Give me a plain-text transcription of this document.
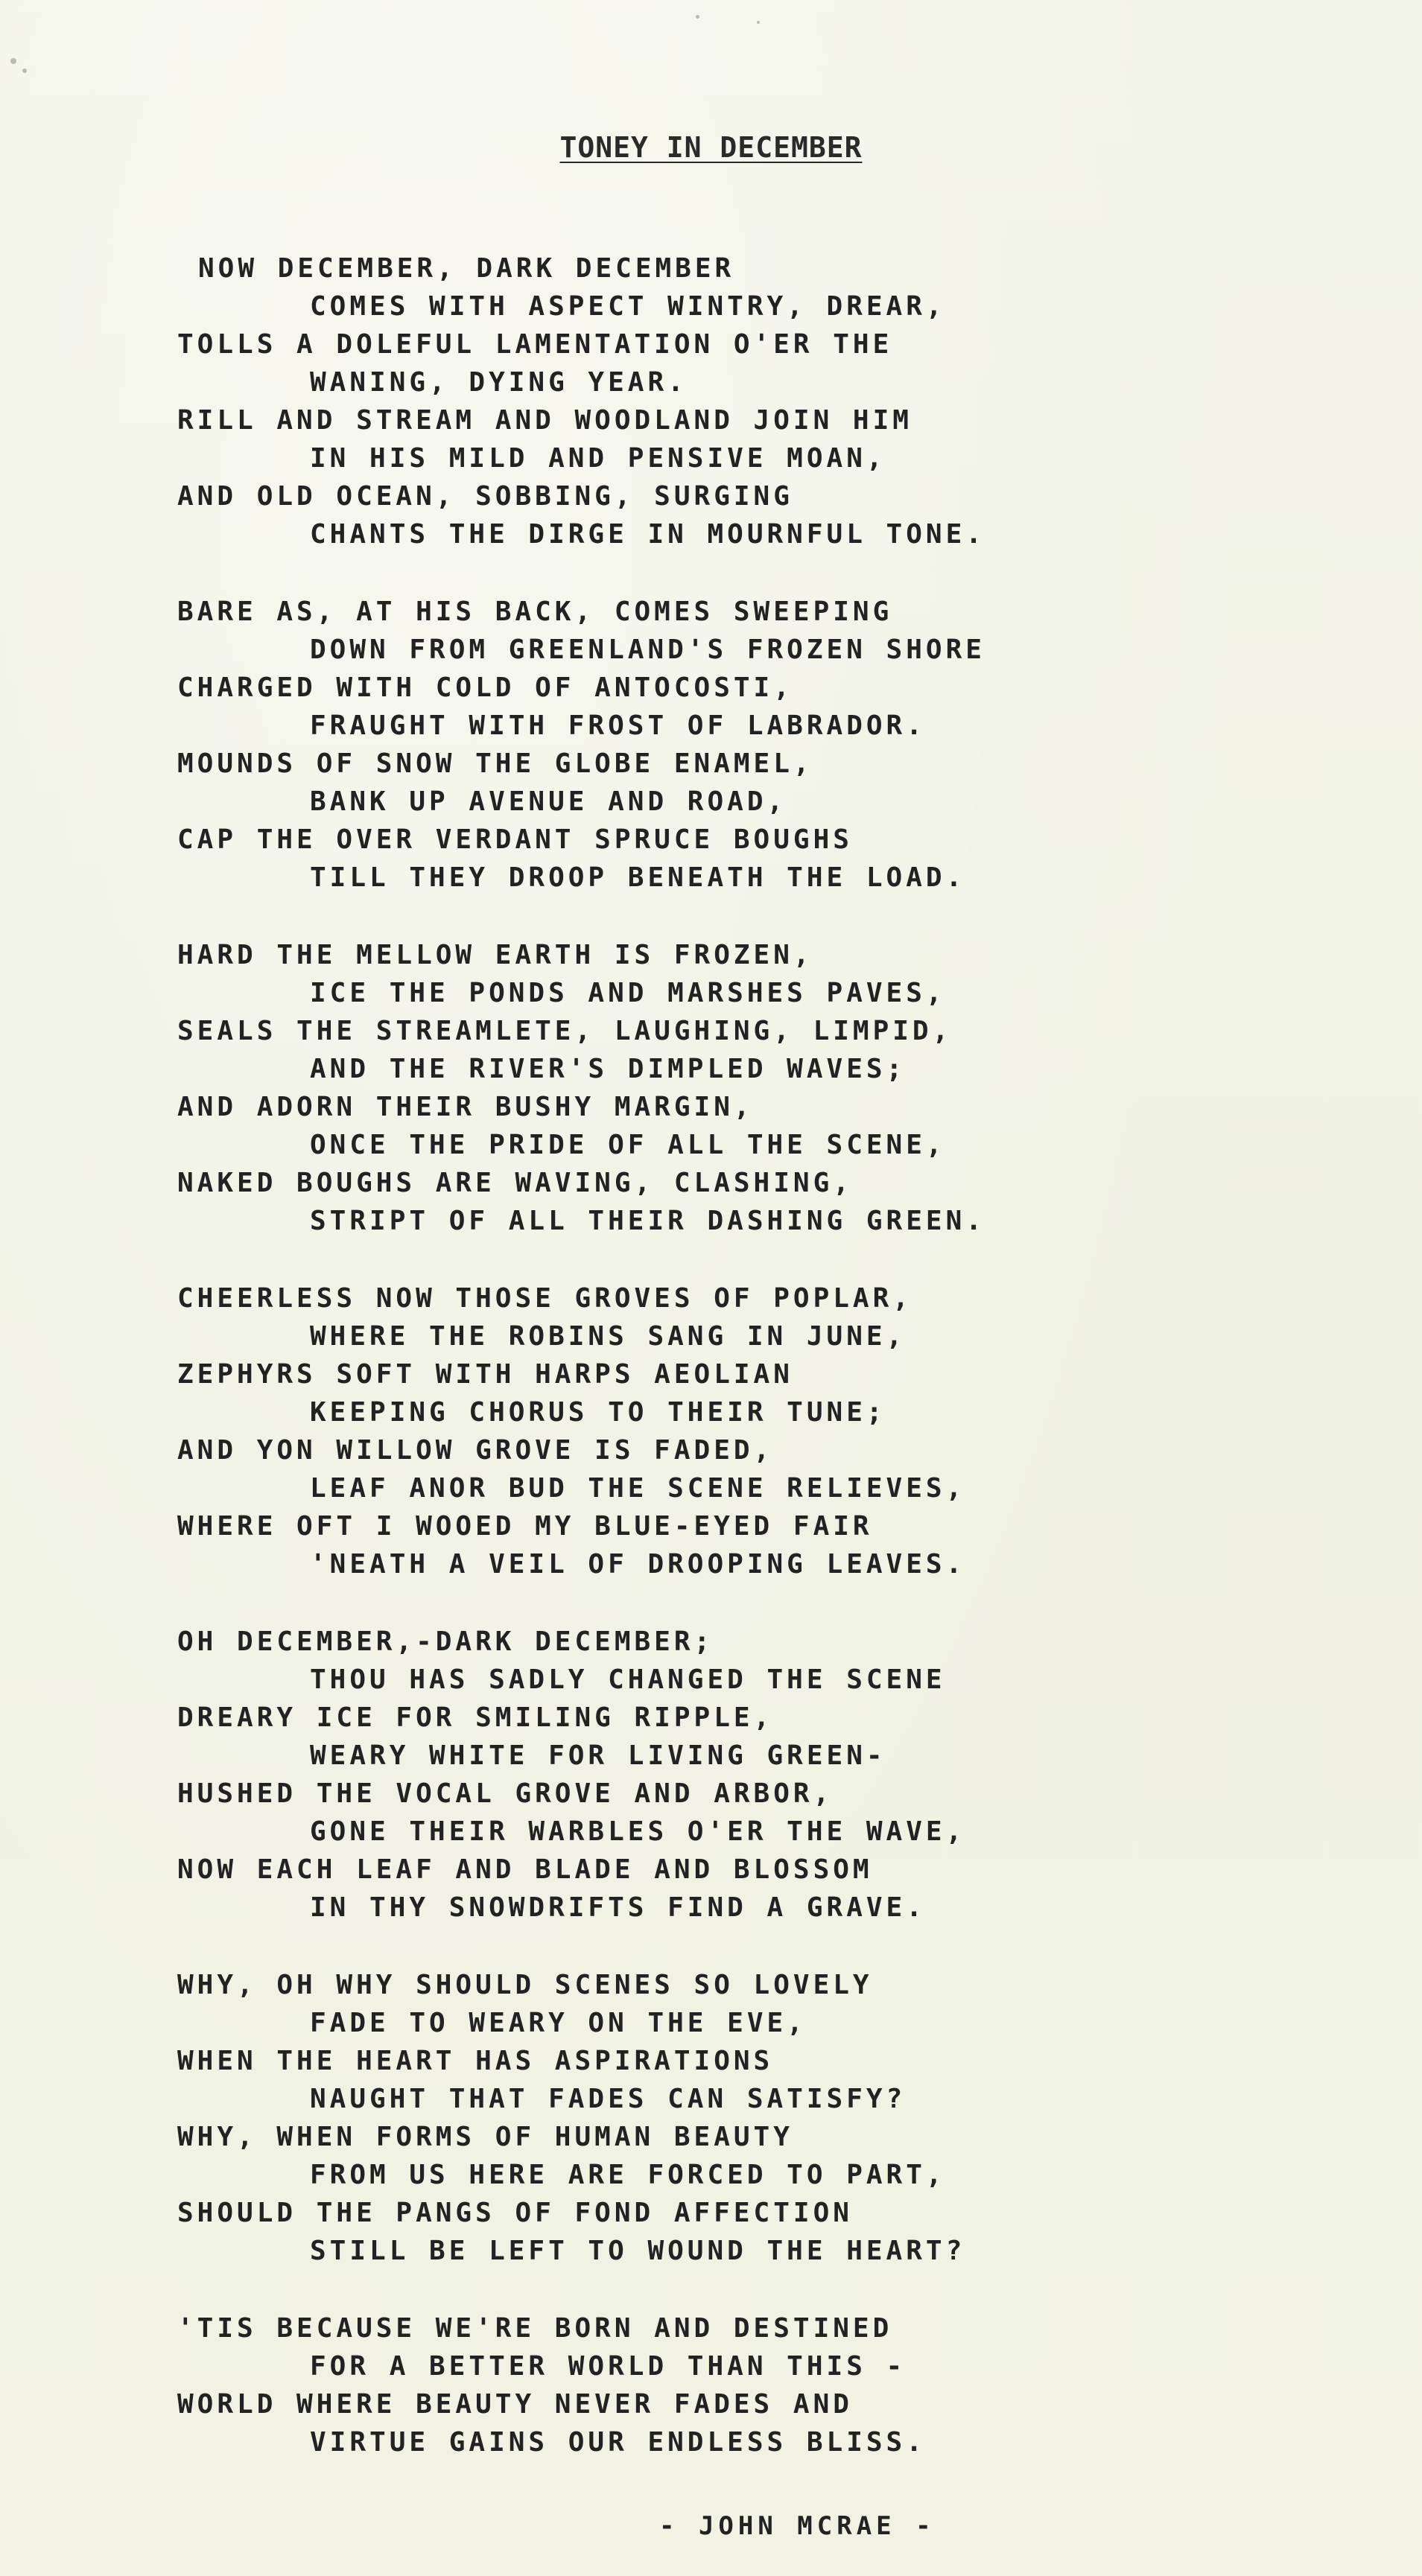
TONEY IN DECEMBER
NOW DECEMBER, DARK DECEMBER
COMES WITH ASPECT WINTRY, DREAR,
TOLLS A DOLEFUL LAMENTATION O'ER THE
WANING, DYING YEAR.
RILL AND STREAM AND WOODLAND JOIN HIM
IN HIS MILD AND PENSIVE MOAN,
AND OLD OCEAN, SOBBING, SURGING
CHANTS THE DIRGE IN MOURNFUL TONE.
BARE AS, AT HIS BACK, COMES SWEEPING
DOWN FROM GREENLAND'S FROZEN SHORE
CHARGED WITH COLD OF ANTOCOSTI,
FRAUGHT WITH FROST OF LABRADOR.
MOUNDS OF SNOW THE GLOBE ENAMEL,
BANK UP AVENUE AND ROAD,
CAP THE OVER VERDANT SPRUCE BOUGHS
TILL THEY DROOP BENEATH THE LOAD.
HARD THE MELLOW EARTH IS FROZEN,
ICE THE PONDS AND MARSHES PAVES,
SEALS THE STREAMLETE, LAUGHING, LIMPID,
AND THE RIVER'S DIMPLED WAVES;
AND ADORN THEIR BUSHY MARGIN,
ONCE THE PRIDE OF ALL THE SCENE,
NAKED BOUGHS ARE WAVING, CLASHING,
STRIPT OF ALL THEIR DASHING GREEN.
CHEERLESS NOW THOSE GROVES OF POPLAR,
WHERE THE ROBINS SANG IN JUNE,
ZEPHYRS SOFT WITH HARPS AEOLIAN
KEEPING CHORUS TO THEIR TUNE;
AND YON WILLOW GROVE IS FADED,
LEAF ANOR BUD THE SCENE RELIEVES,
WHERE OFT I WOOED MY BLUE-EYED FAIR
'NEATH A VEIL OF DROOPING LEAVES.
OH DECEMBER,-DARK DECEMBER;
THOU HAS SADLY CHANGED THE SCENE
DREARY ICE FOR SMILING RIPPLE,
WEARY WHITE FOR LIVING GREEN-
HUSHED THE VOCAL GROVE AND ARBOR,
GONE THEIR WARBLES O'ER THE WAVE,
NOW EACH LEAF AND BLADE AND BLOSSOM
IN THY SNOWDRIFTS FIND A GRAVE.
WHY, OH WHY SHOULD SCENES SO LOVELY
FADE TO WEARY ON THE EVE,
WHEN THE HEART HAS ASPIRATIONS
NAUGHT THAT FADES CAN SATISFY?
WHY, WHEN FORMS OF HUMAN BEAUTY
FROM US HERE ARE FORCED TO PART,
SHOULD THE PANGS OF FOND AFFECTION
STILL BE LEFT TO WOUND THE HEART?
'TIS BECAUSE WE'RE BORN AND DESTINED
FOR A BETTER WORLD THAN THIS -
WORLD WHERE BEAUTY NEVER FADES AND
VIRTUE GAINS OUR ENDLESS BLISS.
- JOHN MCRAE -
